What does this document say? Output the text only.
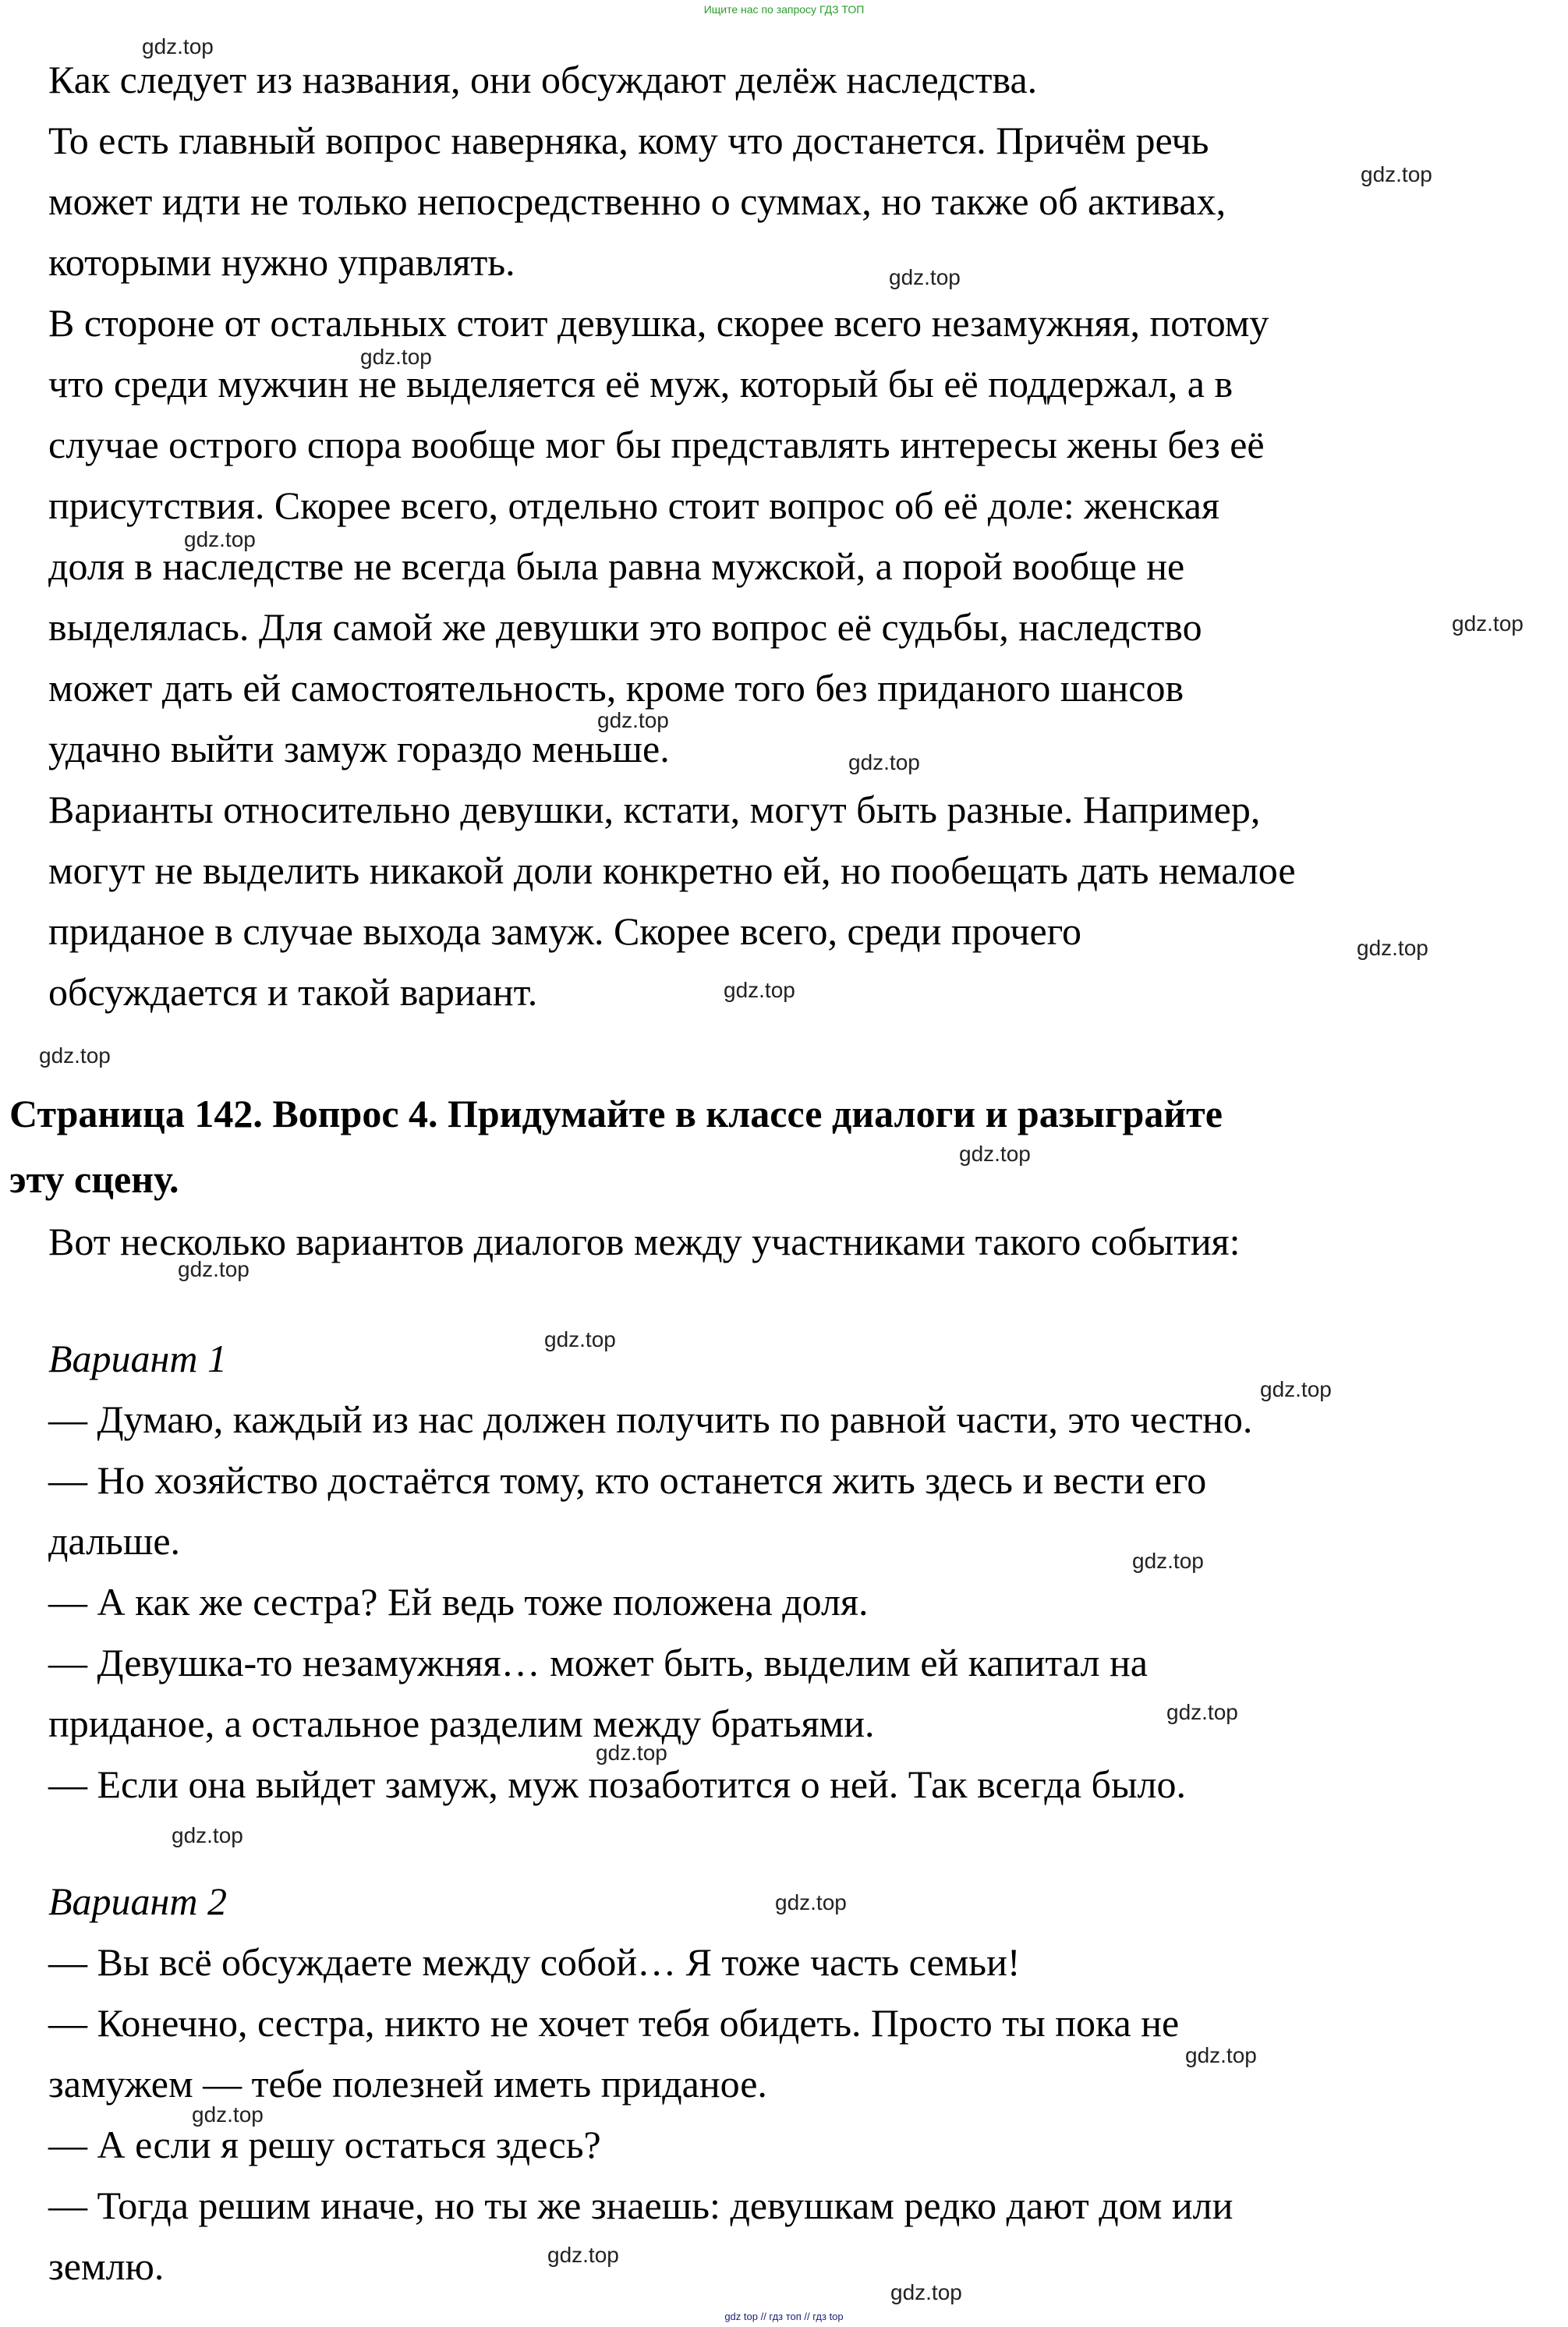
Ищите нас по запросу ГДЗ ТОП
Как следует из названия, они обсуждают делёж наследства.
То есть главный вопрос наверняка, кому что достанется. Причём речь
может идти не только непосредственно о суммах, но также об активах,
которыми нужно управлять.
В стороне от остальных стоит девушка, скорее всего незамужняя, потому
что среди мужчин не выделяется её муж, который бы её поддержал, а в
случае острого спора вообще мог бы представлять интересы жены без её
присутствия. Скорее всего, отдельно стоит вопрос об её доле: женская
доля в наследстве не всегда была равна мужской, а порой вообще не
выделялась. Для самой же девушки это вопрос её судьбы, наследство
может дать ей самостоятельность, кроме того без приданого шансов
удачно выйти замуж гораздо меньше.
Варианты относительно девушки, кстати, могут быть разные. Например,
могут не выделить никакой доли конкретно ей, но пообещать дать немалое
приданое в случае выхода замуж. Скорее всего, среди прочего
обсуждается и такой вариант.
Страница 142. Вопрос 4. Придумайте в классе диалоги и разыграйте
эту сцену.
Вот несколько вариантов диалогов между участниками такого события:
Вариант 1
— Думаю, каждый из нас должен получить по равной части, это честно.
— Но хозяйство достаётся тому, кто останется жить здесь и вести его
дальше.
— А как же сестра? Ей ведь тоже положена доля.
— Девушка-то незамужняя… может быть, выделим ей капитал на
приданое, а остальное разделим между братьями.
— Если она выйдет замуж, муж позаботится о ней. Так всегда было.
Вариант 2
— Вы всё обсуждаете между собой… Я тоже часть семьи!
— Конечно, сестра, никто не хочет тебя обидеть. Просто ты пока не
замужем — тебе полезней иметь приданое.
— А если я решу остаться здесь?
— Тогда решим иначе, но ты же знаешь: девушкам редко дают дом или
землю.
gdz.top
gdz.top
gdz.top
gdz.top
gdz.top
gdz.top
gdz.top
gdz.top
gdz.top
gdz.top
gdz.top
gdz.top
gdz.top
gdz.top
gdz.top
gdz.top
gdz.top
gdz.top
gdz.top
gdz.top
gdz.top
gdz.top
gdz.top
gdz.top
gdz top // гдз топ // гдз top
